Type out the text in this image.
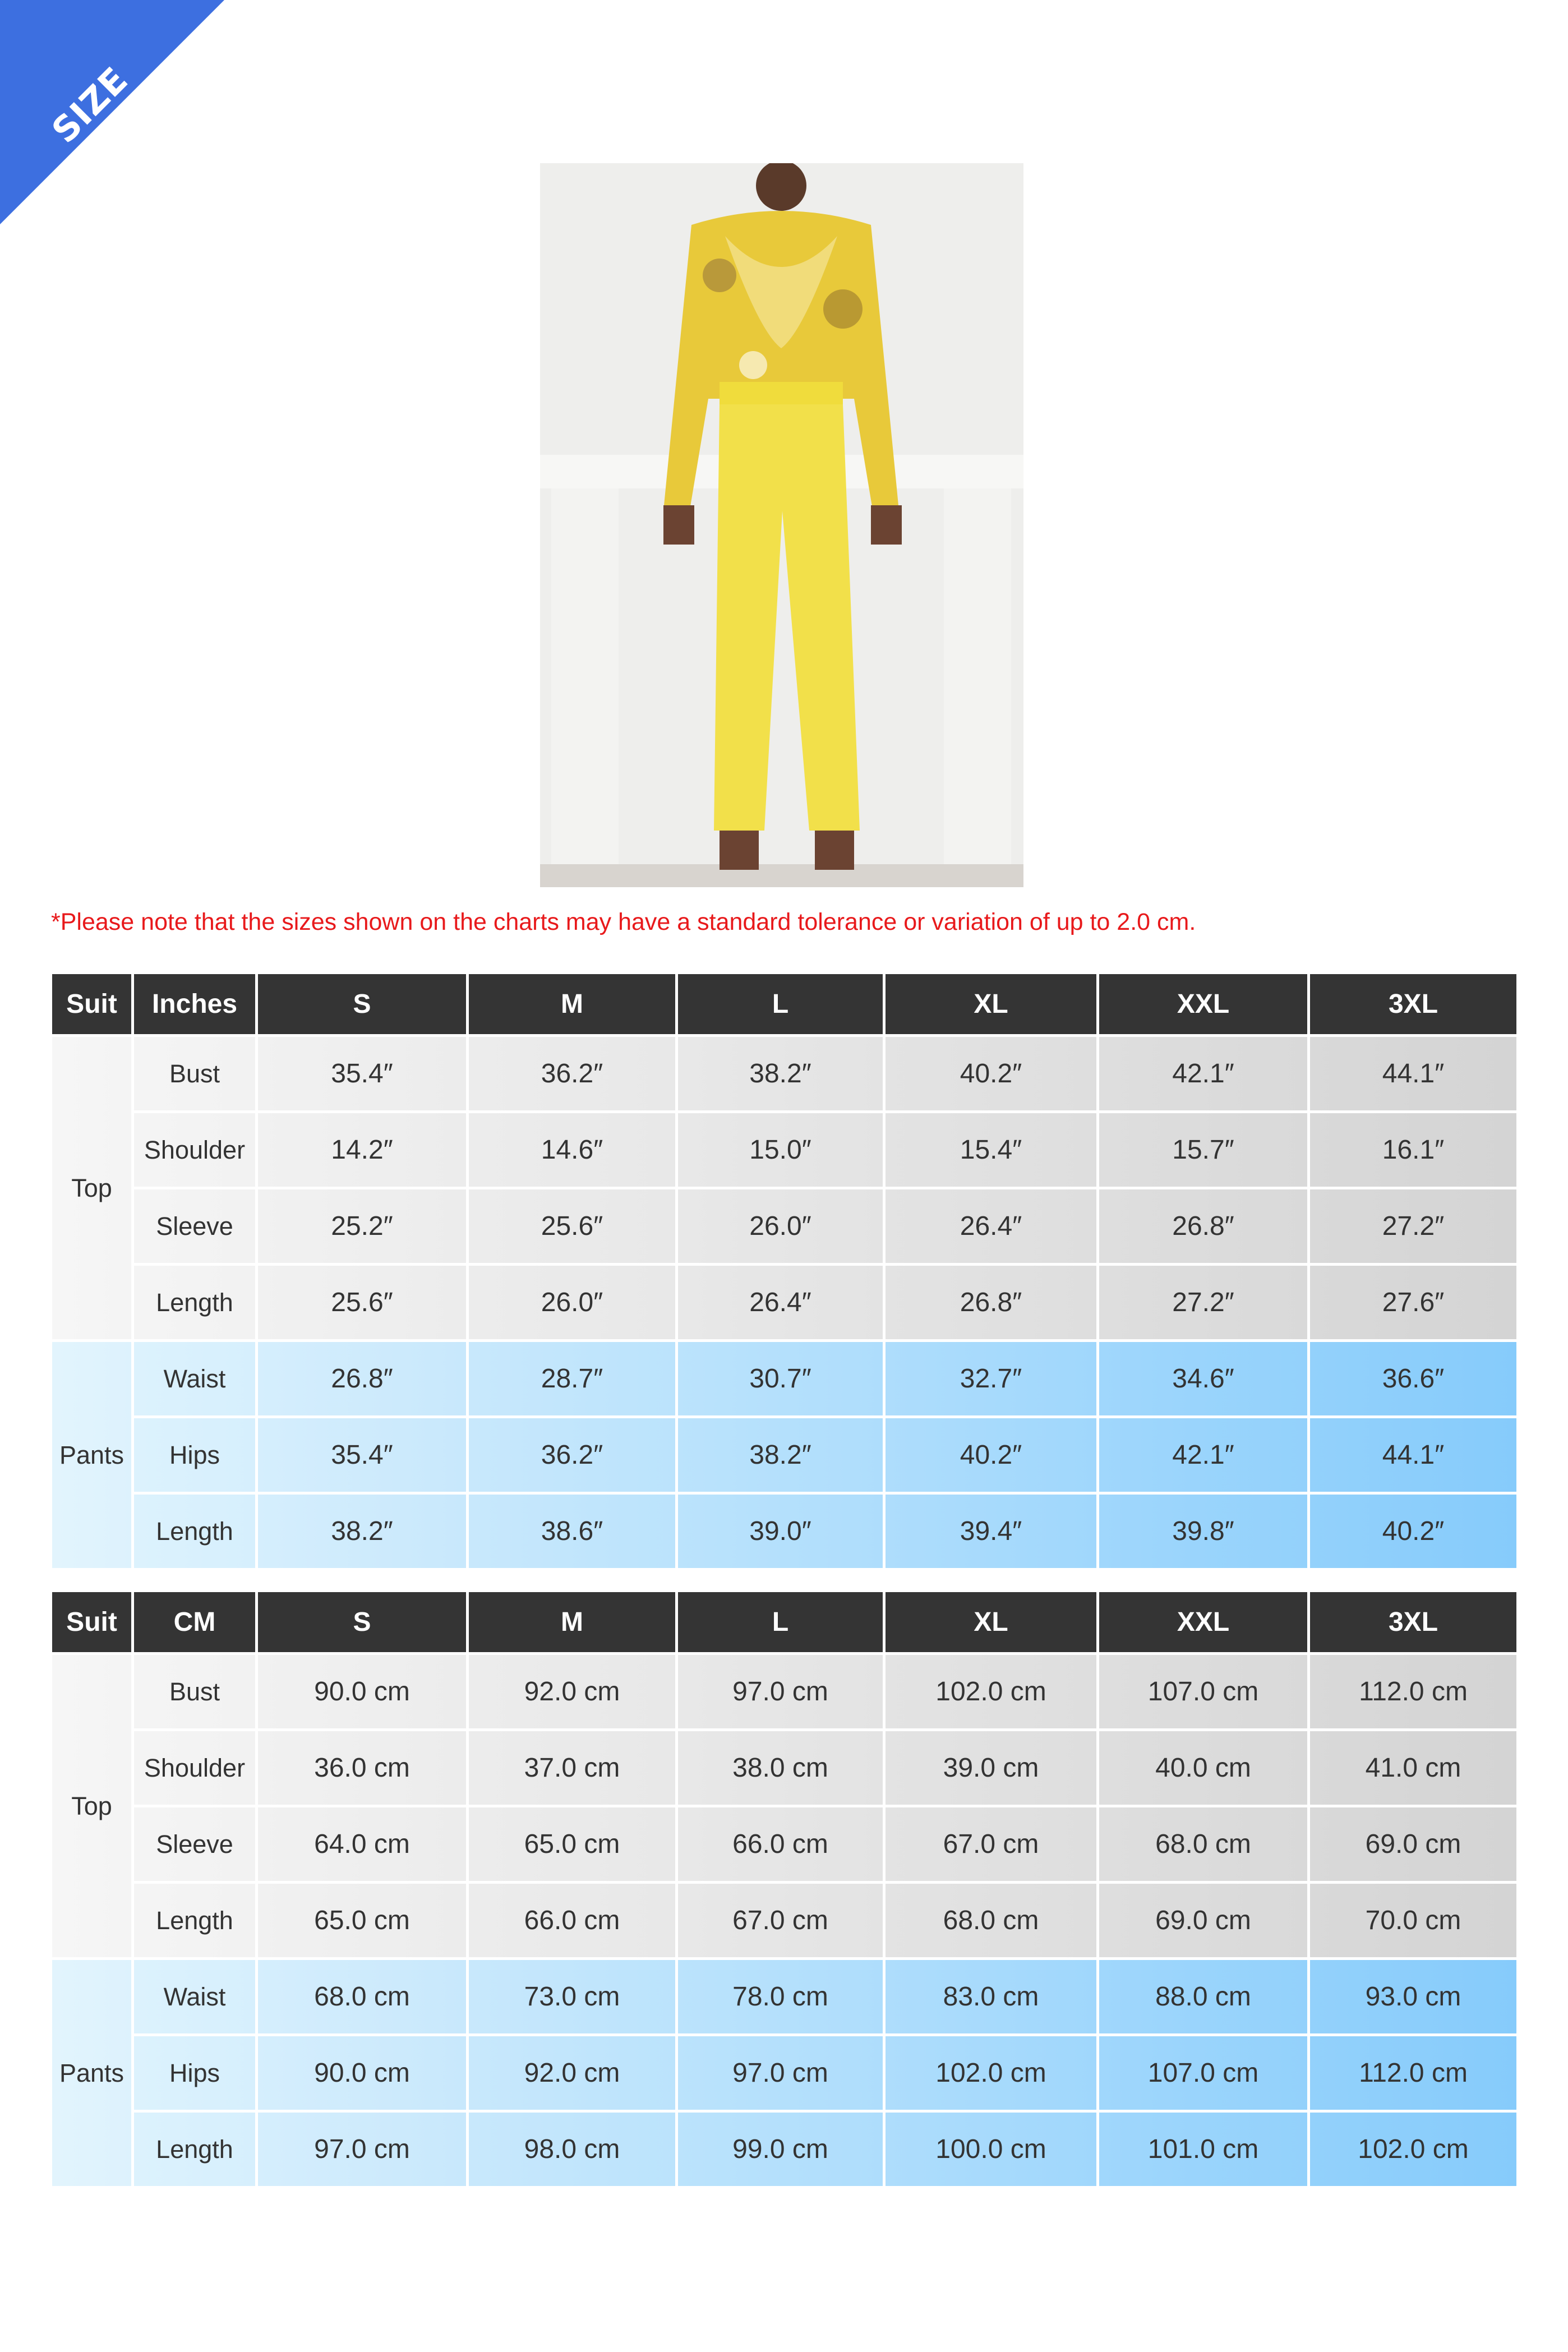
SIZE CHART
*Please note that the sizes shown on the charts may have a standard tolerance or variation of up to 2.0 cm.
Suit	Inches	S	M	L	XL	XXL	3XL
Top
Bust	35.4″	36.2″	38.2″	40.2″	42.1″	44.1″
Shoulder	14.2″	14.6″	15.0″	15.4″	15.7″	16.1″
Sleeve	25.2″	25.6″	26.0″	26.4″	26.8″	27.2″
Length	25.6″	26.0″	26.4″	26.8″	27.2″	27.6″
Pants
Waist	26.8″	28.7″	30.7″	32.7″	34.6″	36.6″
Hips	35.4″	36.2″	38.2″	40.2″	42.1″	44.1″
Length	38.2″	38.6″	39.0″	39.4″	39.8″	40.2″
Suit	CM	S	M	L	XL	XXL	3XL
Top
Bust	90.0 cm	92.0 cm	97.0 cm	102.0 cm	107.0 cm	112.0 cm
Shoulder	36.0 cm	37.0 cm	38.0 cm	39.0 cm	40.0 cm	41.0 cm
Sleeve	64.0 cm	65.0 cm	66.0 cm	67.0 cm	68.0 cm	69.0 cm
Length	65.0 cm	66.0 cm	67.0 cm	68.0 cm	69.0 cm	70.0 cm
Pants
Waist	68.0 cm	73.0 cm	78.0 cm	83.0 cm	88.0 cm	93.0 cm
Hips	90.0 cm	92.0 cm	97.0 cm	102.0 cm	107.0 cm	112.0 cm
Length	97.0 cm	98.0 cm	99.0 cm	100.0 cm	101.0 cm	102.0 cm
